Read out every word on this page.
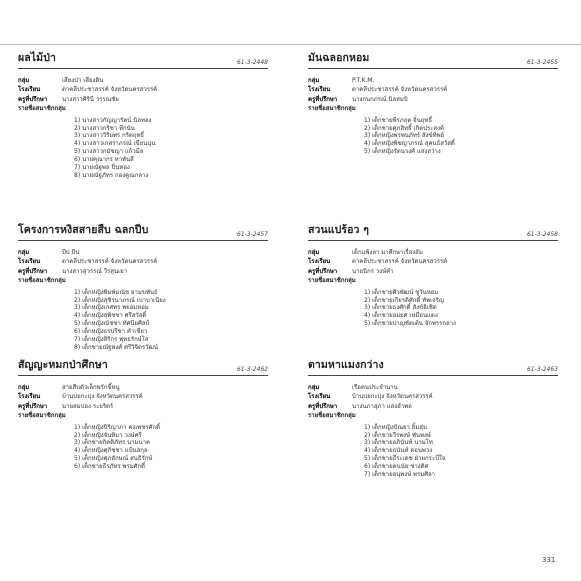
ผลไม้ป่า	61-3-2448
กลุ่ม	เสียงป่า เสียงดิน
โรงเรียน	ดาคลีประชาสรรค์ จังหวัดนครสวรรค์
ครูที่ปรึกษา	นางสาวศิรินี วรรณชัย
รายชื่อสมาชิกกลุ่ม
1) นางสาวกัญญารัตน์ นิลทอง
2) นางสาวกริชา ทีกนัน
3) นางสาววิริยพร กริตฤทธิ์
4) นางสาวเกสราภรณ์ เขียนนุ่น
5) นางสาวกมัชญา แก้วมีล
6) นายคุณากร หาทันสี
7) นายณัฐพล ปิ่นทอง
8) นายณัฐภัทร กองคูณกลาง
มันฉลอกหอม	61-3-2455
กลุ่ม	P.T.K.M.
โรงเรียน	ดาคลีประชาสรรค์ จังหวัดนครสวรรค์
ครูที่ปรึกษา	นางกนกภรณ์ นิลสมบิ
รายชื่อสมาชิกกลุ่ม
1) เด็กชายพีรภฤต จิ๋นฤทธิ์
2) เด็กชายศุภสิทธิ์ เกิดประสงค์
3) เด็กหญิงพรพนภัทร์ สังข์ทิพย์
4) เด็กหญิงพิชญาภรณ์ สุคนธ์สวัสดิ์
5) เด็กหญิงรัตนวงศ์ แสงสว่าง
โครงการหงิสสายสืบ ฉลกปีบ	61-3-2457
กลุ่ม	ปีป ปีป
โรงเรียน	ดาคลีประชาสรรค์ จังหวัดนครสวรรค์
ครูที่ปรึกษา	นางสาวสุวรรณ์ วีรสุนเยา
รายชื่อสมาชิกกลุ่ม
1) เด็กหญิงพิมพ์มณัช ยามขพันธ์
2) เด็กหญิงสุชิรนาภรณ์ เปาบาเนียง
3) เด็กหญิงเกศพร พยอมหอม
4) เด็กหญิงสุพิชชา ศรีสวัสดิ์
5) เด็กหญิงณัชชา ทัศนียศิลป์
6) เด็กหญิงธรปรีชา คำเชี่ยว
7) เด็กหญิงสิริกร พุทธรักษ์โส
8) เด็กชายณัฐพงศ์ ศรีวิจิตรวัฒน์
สวนแปร้อว ๆ	61-3-2458
กลุ่ม	เด็กแพ้งลา มาศึกษาเรื่องส้ม
โรงเรียน	ดาคลีประชาสรรค์ จังหวัดนครสวรรค์
ครูที่ปรึกษา	นายนิกร วงษ์คำ
รายชื่อสมาชิกกลุ่ม
1) เด็กชายศิวพัฒน์ ชูวันหอม
2) เด็กชายเกียรติศักดิ์ ทัพเจริญ
3) เด็กชายธงศักดิ์ สังข์อิเชิด
4) เด็กชายอมยศ เหมือนแตง
5) เด็กชายปาญชัตเต้น จักพรรกลาง
สัญญะหมกป่าศึกษา	61-3-2462
กลุ่ม	สายสืบตัวเล็กพรักขี้หนู
โรงเรียน	บ้านบ่อกะปุง จังหวัดนครสวรรค์
ครูที่ปรึกษา	นายสมปอง ระยริตร์
รายชื่อสมาชิกกลุ่ม
1) เด็กหญิงปิริญาภา คงเพชรศักดิ์
2) เด็กหญิงจันทิมา วงษ์ศรี
3) เด็กชายกิตติภัทร นามนาค
4) เด็กหญิงศุภิชชา แป้นสกุล
5) เด็กหญิงศุภลักษณ์ สนธิรักษ์
6) เด็กชายธีรภัทร พรมศักดิ์
ตามหาแมงกว่าง	61-3-2463
กลุ่ม	เรือคนประจำนาน
โรงเรียน	บ้านบ่อกะปุง จังหวัดนครสวรรค์
ครูที่ปรึกษา	นางนภาสุภา แสงอำพล
รายชื่อสมาชิกกลุ่ม
1) เด็กหญิงปัณยา ยิ้มสุ่ม
2) เด็กชายวีรพงษ์ พันพงษ์
3) เด็กชายอภินันท์ นามโท
4) เด็กชายธนันท์ ดอนพวง
5) เด็กชายธีระเดช ฝ่ายกระบี่ใจ
6) เด็กชายคนนัย ช่างดิศ
7) เด็กชายอนุพงษ์ พรมศิลา
331
